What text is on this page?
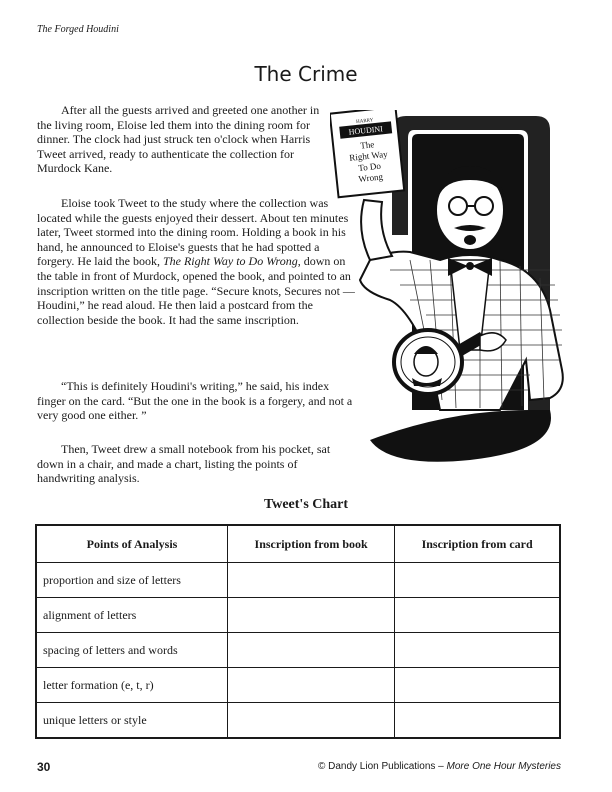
The Forged Houdini
The Crime

After all the guests arrived and greeted one another in the living room, Eloise led them into the dining room for dinner. The clock had just struck ten o'clock when Harris Tweet arrived, ready to authenticate the collection for Murdock Kane.

Eloise took Tweet to the study where the collection was located while the guests enjoyed their dessert. About ten minutes later, Tweet stormed into the dining room. Holding a book in his hand, he announced to Eloise's guests that he had spotted a forgery. He laid the book, The Right Way to Do Wrong, down on the table in front of Murdock, opened the book, and pointed to an inscription written on the title page. “Secure knots, Secures not — Houdini,” he read aloud. He then laid a postcard from the collection beside the book. It had the same inscription.

“This is definitely Houdini's writing,” he said, his index finger on the card. “But the one in the book is a forgery, and not a very good one either. ”

Then, Tweet drew a small notebook from his pocket, sat down in a chair, and made a chart, listing the points of handwriting analysis.

HARRY
HOUDINI
The
Right Way
To Do
Wrong
Tweet's Chart
Points of Analysis	Inscription from book	Inscription from card
proportion and size of letters		
alignment of letters		
spacing of letters and words		
letter formation (e, t, r)		
unique letters or style		
30	© Dandy Lion Publications – More One Hour Mysteries
